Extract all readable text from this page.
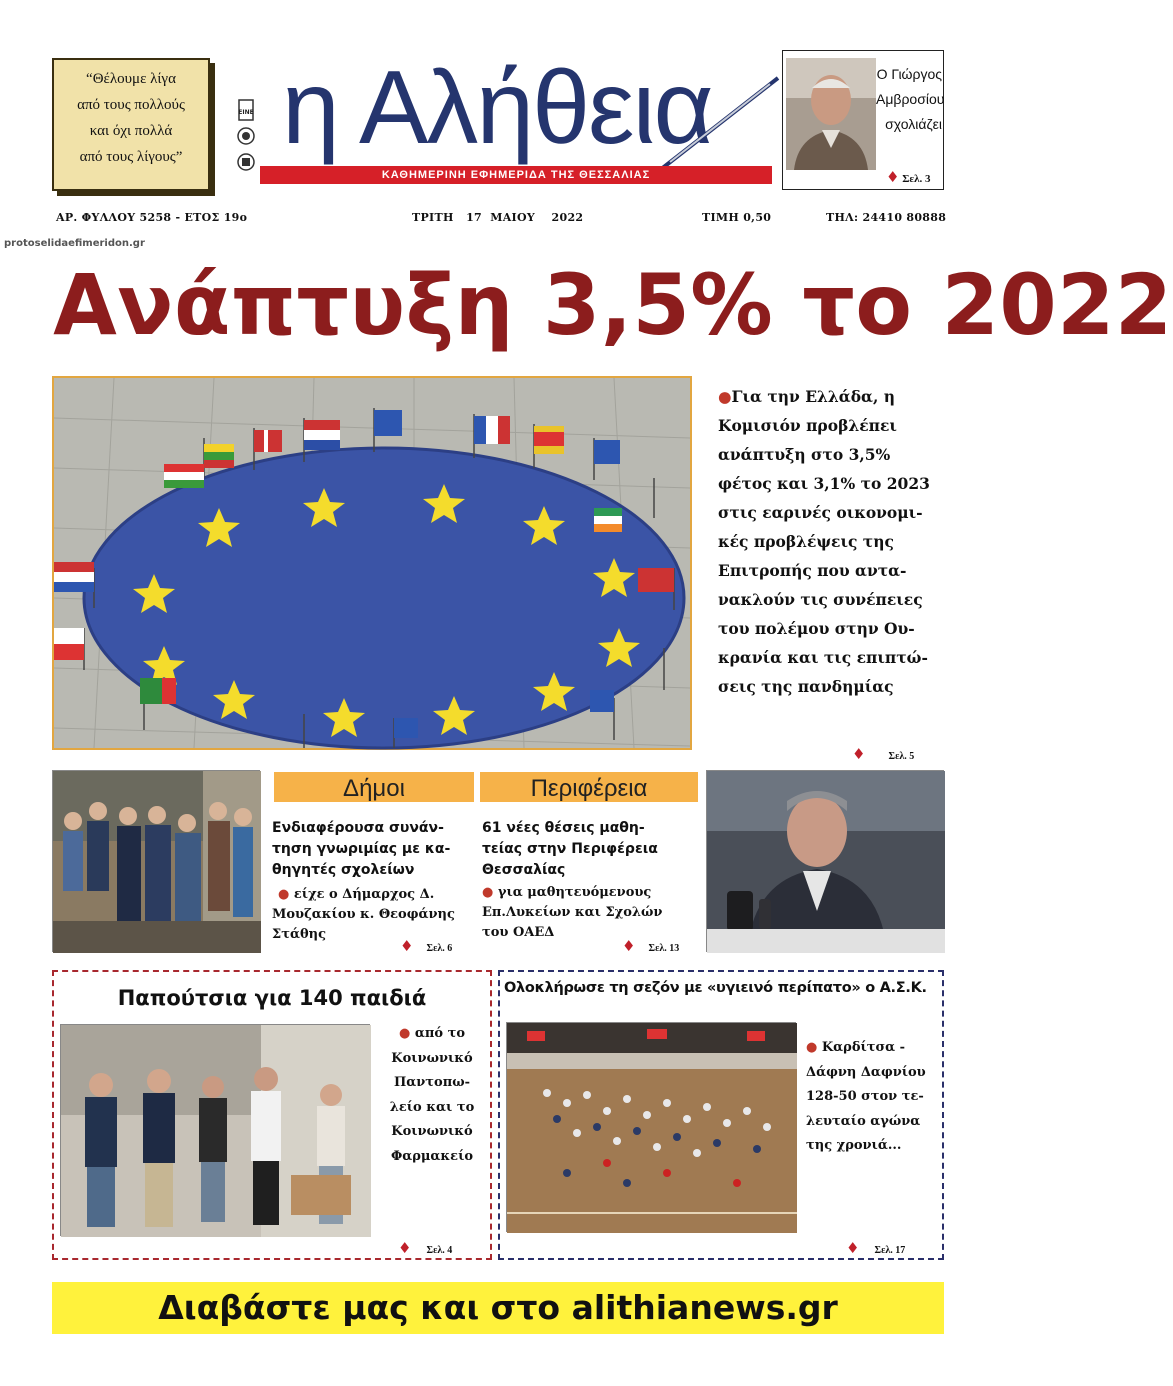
“Θέλουμε λίγα
από τους πολλούς
και όχι πολλά
από τους λίγους”
ΕΙΝΕ η Αλήθεια
ΚΑΘΗΜΕΡΙΝΗ ΕΦΗΜΕΡΙΔΑ ΤΗΣ ΘΕΣΣΑΛΙΑΣ
Ο Γιώργος
Αμβροσίου
σχολιάζει
♦ Σελ. 3
ΑΡ. ΦΥΛΛΟΥ 5258 - ΕΤΟΣ 19ο	ΤΡΙΤΗ   17  ΜΑΙΟΥ    2022	ΤΙΜΗ 0,50	ΤΗΛ: 24410 80888
protoselidaefimeridon.gr
Ανάπτυξη 3,5% το 2022
●Για την Ελλάδα, η
Κομισιόν προβλέπει
ανάπτυξη στο 3,5%
φέτος και 3,1% το 2023
στις εαρινές οικονομι-
κές προβλέψεις της
Επιτροπής που αντα-
νακλούν τις συνέπειες
του πολέμου στην Ου-
κρανία και τις επιπτώ-
σεις της πανδημίας
♦ Σελ. 5
Δήμοι
Ενδιαφέρουσα συνάν-
τηση γνωριμίας με κα-
θηγητές σχολείων
● είχε ο Δήμαρχος Δ.
Μουζακίου κ. Θεοφάνης
Στάθης
♦ Σελ. 6
Περιφέρεια
61 νέες θέσεις μαθη-
τείας στην Περιφέρεια
Θεσσαλίας
● για μαθητευόμενους
Επ.Λυκείων και Σχολών
του ΟΑΕΔ
♦ Σελ. 13
Παπούτσια για 140 παιδιά
● από το
Κοινωνικό
Παντοπω-
λείο και το
Κοινωνικό
Φαρμακείο
♦ Σελ. 4
Ολοκλήρωσε τη σεζόν με «υγιεινό περίπατο» ο Α.Σ.Κ.
● Καρδίτσα -
Δάφνη Δαφνίου
128-50 στον τε-
λευταίο αγώνα
της χρονιά...
♦ Σελ. 17
Διαβάστε μας και στο alithianews.gr
